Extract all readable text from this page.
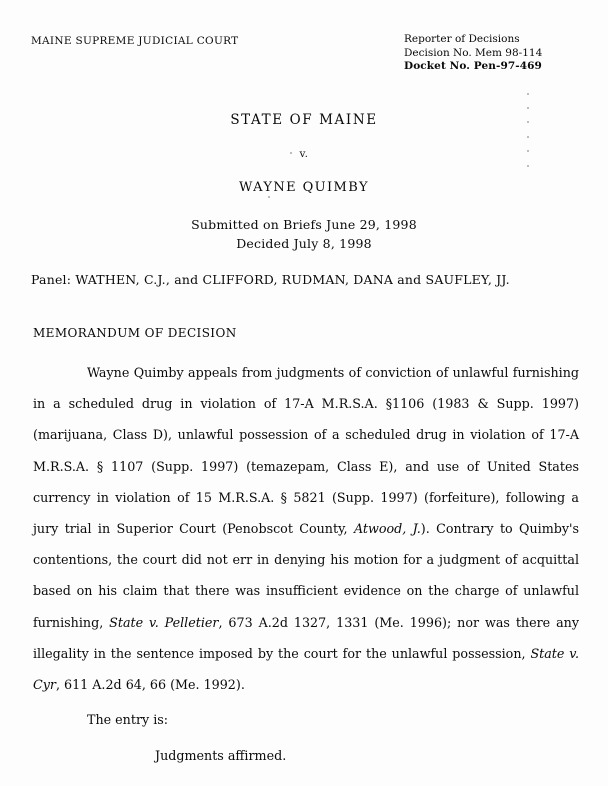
MAINE SUPREME JUDICIAL COURT	Reporter of Decisions
Decision No. Mem 98-114
Docket No. Pen-97-469
STATE OF MAINE
v.
WAYNE QUIMBY
Submitted on Briefs June 29, 1998
Decided July 8, 1998
Panel: WATHEN, C.J., and CLIFFORD, RUDMAN, DANA and SAUFLEY, JJ.
MEMORANDUM OF DECISION

Wayne Quimby appeals from judgments of conviction of unlawful furnishing in a scheduled drug in violation of 17-A M.R.S.A. §1106 (1983 & Supp. 1997) (marijuana, Class D), unlawful possession of a scheduled drug in violation of 17-A M.R.S.A. § 1107 (Supp. 1997) (temazepam, Class E), and use of United States currency in violation of 15 M.R.S.A. § 5821 (Supp. 1997) (forfeiture), following a jury trial in Superior Court (Penobscot County, Atwood, J.). Contrary to Quimby's contentions, the court did not err in denying his motion for a judgment of acquittal based on his claim that there was insufficient evidence on the charge of unlawful furnishing, State v. Pelletier, 673 A.2d 1327, 1331 (Me. 1996); nor was there any illegality in the sentence imposed by the court for the unlawful possession, State v. Cyr, 611 A.2d 64, 66 (Me. 1992).

The entry is:
Judgments affirmed.
